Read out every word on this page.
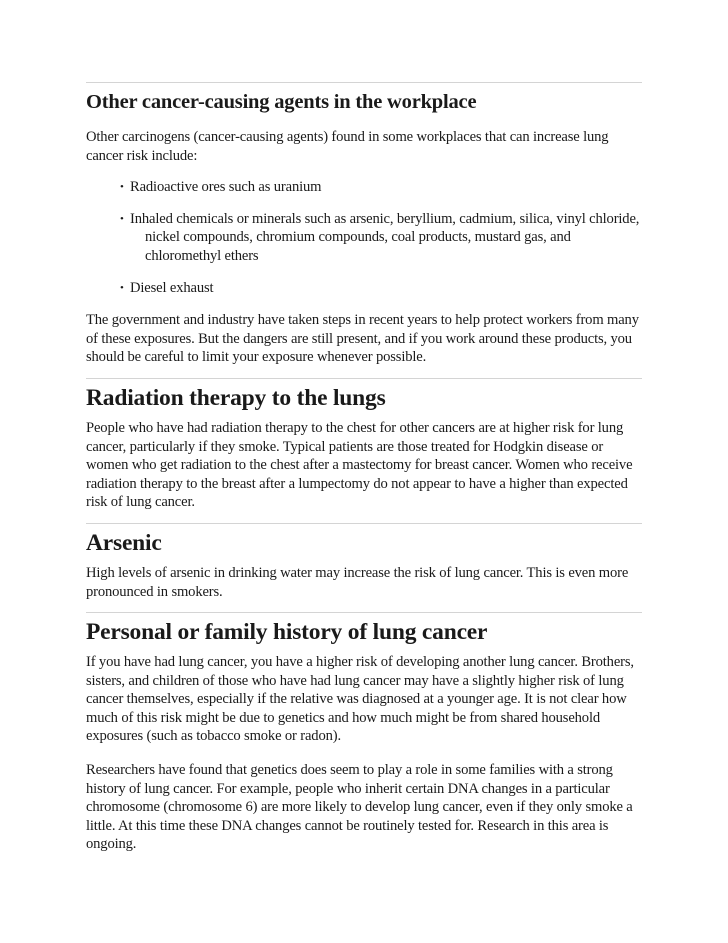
Other cancer-causing agents in the workplace

Other carcinogens (cancer-causing agents) found in some workplaces that can increase lung cancer risk include:

• Radioactive ores such as uranium
• Inhaled chemicals or minerals such as arsenic, beryllium, cadmium, silica, vinyl chloride,
nickel compounds, chromium compounds, coal products, mustard gas, and
chloromethyl ethers
• Diesel exhaust

The government and industry have taken steps in recent years to help protect workers from many of these exposures. But the dangers are still present, and if you work around these products, you should be careful to limit your exposure whenever possible.

Radiation therapy to the lungs

People who have had radiation therapy to the chest for other cancers are at higher risk for lung cancer, particularly if they smoke. Typical patients are those treated for Hodgkin disease or women who get radiation to the chest after a mastectomy for breast cancer. Women who receive radiation therapy to the breast after a lumpectomy do not appear to have a higher than expected risk of lung cancer.

Arsenic

High levels of arsenic in drinking water may increase the risk of lung cancer. This is even more pronounced in smokers.

Personal or family history of lung cancer

If you have had lung cancer, you have a higher risk of developing another lung cancer. Brothers, sisters, and children of those who have had lung cancer may have a slightly higher risk of lung cancer themselves, especially if the relative was diagnosed at a younger age. It is not clear how much of this risk might be due to genetics and how much might be from shared household exposures (such as tobacco smoke or radon).

Researchers have found that genetics does seem to play a role in some families with a strong history of lung cancer. For example, people who inherit certain DNA changes in a particular chromosome (chromosome 6) are more likely to develop lung cancer, even if they only smoke a little. At this time these DNA changes cannot be routinely tested for. Research in this area is ongoing.
